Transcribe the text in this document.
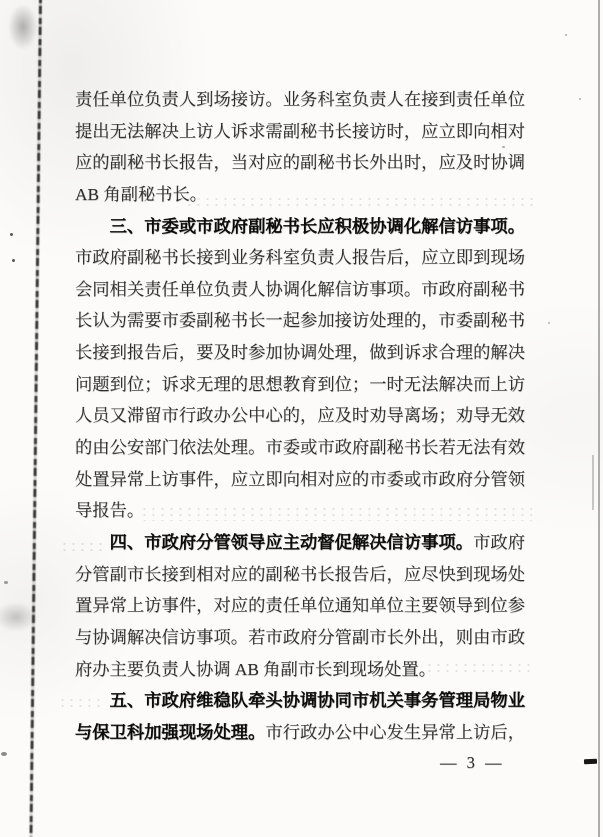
责任单位负责人到场接访。业务科室负责人在接到责任单位
提出无法解决上访人诉求需副秘书长接访时，应立即向相对
应的副秘书长报告，当对应的副秘书长外出时，应及时协调
AB 角副秘书长。
三、市委或市政府副秘书长应积极协调化解信访事项。
市政府副秘书长接到业务科室负责人报告后，应立即到现场
会同相关责任单位负责人协调化解信访事项。市政府副秘书
长认为需要市委副秘书长一起参加接访处理的，市委副秘书
长接到报告后，要及时参加协调处理，做到诉求合理的解决
问题到位；诉求无理的思想教育到位；一时无法解决而上访
人员又滞留市行政办公中心的，应及时劝导离场；劝导无效
的由公安部门依法处理。市委或市政府副秘书长若无法有效
处置异常上访事件，应立即向相对应的市委或市政府分管领
导报告。
四、市政府分管领导应主动督促解决信访事项。市政府
分管副市长接到相对应的副秘书长报告后，应尽快到现场处
置异常上访事件，对应的责任单位通知单位主要领导到位参
与协调解决信访事项。若市政府分管副市长外出，则由市政
府办主要负责人协调 AB 角副市长到现场处置。
五、市政府维稳队牵头协调协同市机关事务管理局物业
与保卫科加强现场处理。市行政办公中心发生异常上访后，
— 3 —
